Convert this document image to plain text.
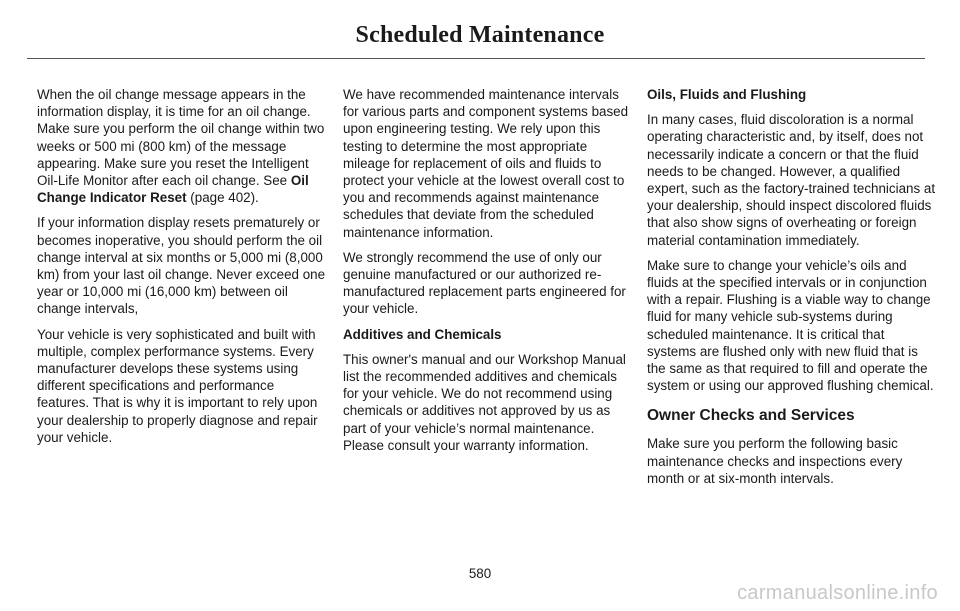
Scheduled Maintenance

When the oil change message appears in the information display, it is time for an oil change. Make sure you perform the oil change within two weeks or 500 mi (800 km) of the message appearing. Make sure you reset the Intelligent Oil-Life Monitor after each oil change. See Oil Change Indicator Reset (page 402).

If your information display resets prematurely or becomes inoperative, you should perform the oil change interval at six months or 5,000 mi (8,000 km) from your last oil change. Never exceed one year or 10,000 mi (16,000 km) between oil change intervals,

Your vehicle is very sophisticated and built with multiple, complex performance systems. Every manufacturer develops these systems using different specifications and performance features. That is why it is important to rely upon your dealership to properly diagnose and repair your vehicle.

We have recommended maintenance intervals for various parts and component systems based upon engineering testing. We rely upon this testing to determine the most appropriate mileage for replacement of oils and fluids to protect your vehicle at the lowest overall cost to you and recommends against maintenance schedules that deviate from the scheduled maintenance information.

We strongly recommend the use of only our genuine manufactured or our authorized re-manufactured replacement parts engineered for your vehicle.

Additives and Chemicals

This owner's manual and our Workshop Manual list the recommended additives and chemicals for your vehicle. We do not recommend using chemicals or additives not approved by us as part of your vehicle’s normal maintenance. Please consult your warranty information.

Oils, Fluids and Flushing

In many cases, fluid discoloration is a normal operating characteristic and, by itself, does not necessarily indicate a concern or that the fluid needs to be changed. However, a qualified expert, such as the factory-trained technicians at your dealership, should inspect discolored fluids that also show signs of overheating or foreign material contamination immediately.

Make sure to change your vehicle’s oils and fluids at the specified intervals or in conjunction with a repair. Flushing is a viable way to change fluid for many vehicle sub-systems during scheduled maintenance. It is critical that systems are flushed only with new fluid that is the same as that required to fill and operate the system or using our approved flushing chemical.

Owner Checks and Services

Make sure you perform the following basic maintenance checks and inspections every month or at six-month intervals.

580
carmanualsonline.info
